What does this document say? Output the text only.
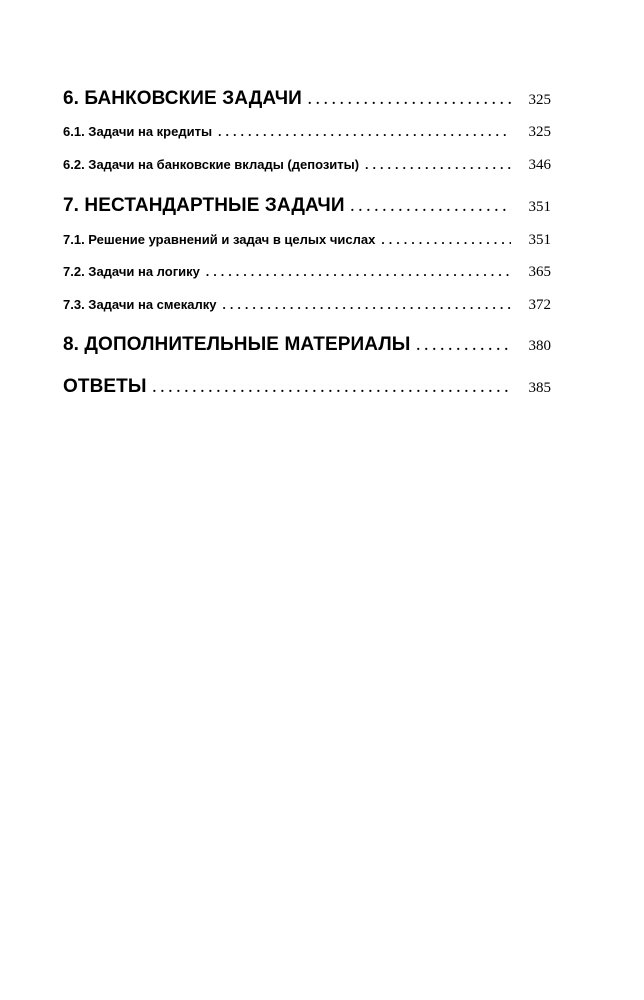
6. БАНКОВСКИЕ ЗАДАЧИ . . .	325
6.1. Задачи на кредиты . . .	325
6.2. Задачи на банковские вклады (депозиты) . . .	346
7. НЕСТАНДАРТНЫЕ ЗАДАЧИ . . .	351
7.1. Решение уравнений и задач в целых числах . . .	351
7.2. Задачи на логику . . .	365
7.3. Задачи на смекалку . . .	372
8. ДОПОЛНИТЕЛЬНЫЕ МАТЕРИАЛЫ . . .	380
ОТВЕТЫ . . .	385
